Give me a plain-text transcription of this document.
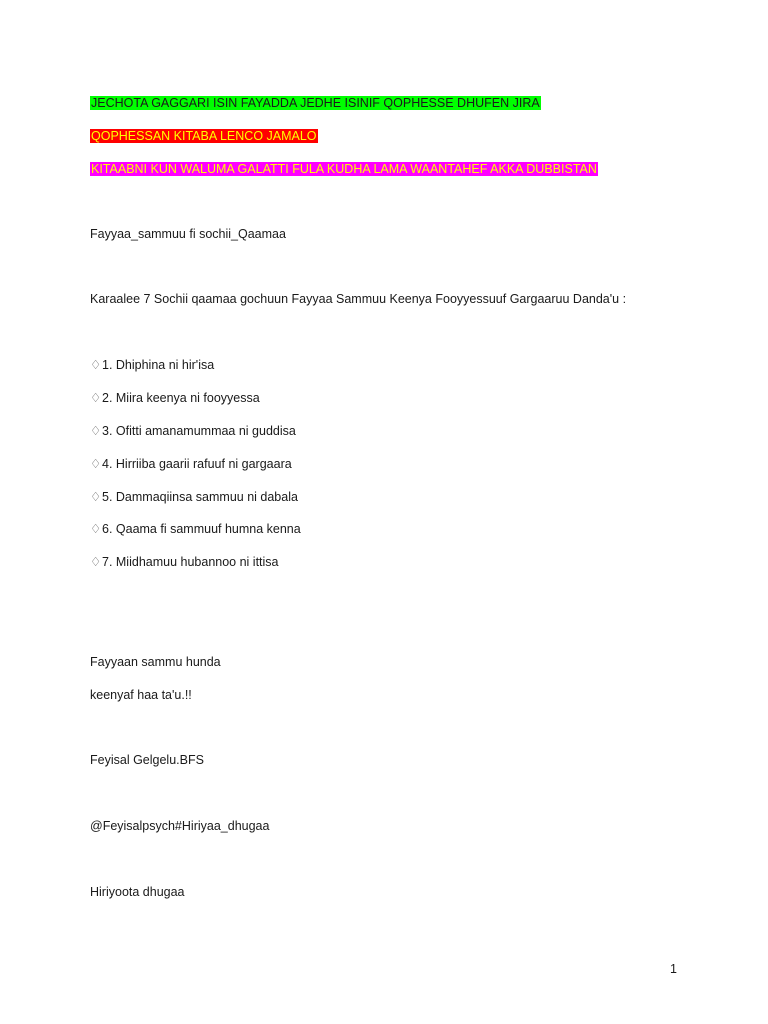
JECHOTA GAGGARI ISIN FAYADDA JEDHE ISINIF QOPHESSE DHUFEN JIRA
QOPHESSAN KITABA LENCO JAMALO
KITAABNI KUN WALUMA GALATTI FULA KUDHA LAMA WAANTAHEF AKKA DUBBISTAN
Fayyaa_sammuu fi sochii_Qaamaa
Karaalee 7 Sochii qaamaa gochuun Fayyaa Sammuu Keenya Fooyyessuuf Gargaaruu Danda'u :
♢1. Dhiphina ni hir'isa
♢2. Miira keenya ni fooyyessa
♢3. Ofitti amanamummaa ni guddisa
♢4. Hirriiba gaarii rafuuf ni gargaara
♢5. Dammaqiinsa sammuu ni dabala
♢6. Qaama fi sammuuf humna kenna
♢7. Miidhamuu hubannoo ni ittisa
Fayyaan sammu hunda
keenyaf haa ta'u.!!
Feyisal Gelgelu.BFS
@Feyisalpsych#Hiriyaa_dhugaa
Hiriyoota dhugaa
1
